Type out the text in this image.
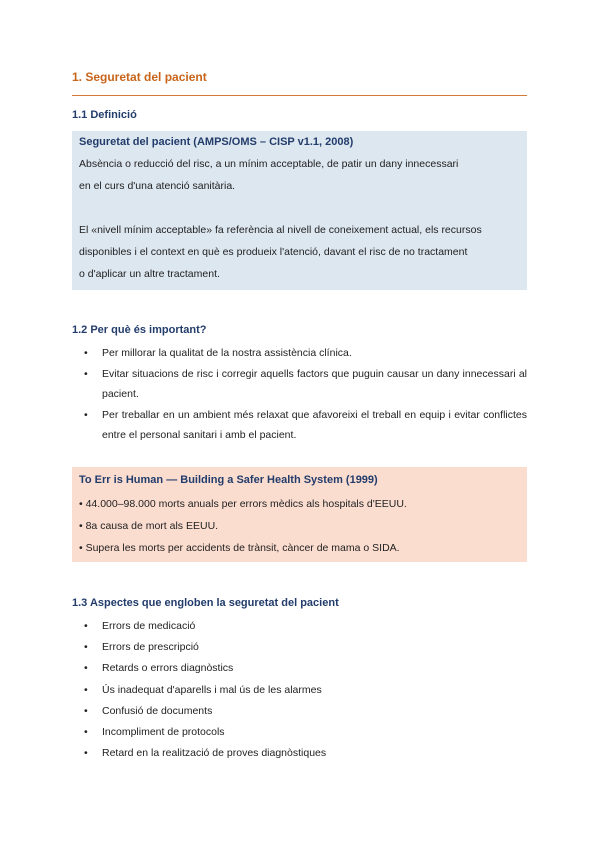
1. Seguretat del pacient
1.1 Definició
Seguretat del pacient (AMPS/OMS – CISP v1.1, 2008)
Absència o reducció del risc, a un mínim acceptable, de patir un dany innecessari
en el curs d'una atenció sanitària.
El «nivell mínim acceptable» fa referència al nivell de coneixement actual, els recursos
disponibles i el context en què es produeix l'atenció, davant el risc de no tractament
o d'aplicar un altre tractament.
1.2 Per què és important?
•	Per millorar la qualitat de la nostra assistència clínica.
•	Evitar situacions de risc i corregir aquells factors que puguin causar un dany innecessari al pacient.
•	Per treballar en un ambient més relaxat que afavoreixi el treball en equip i evitar conflictes entre el personal sanitari i amb el pacient.
To Err is Human — Building a Safer Health System (1999)
• 44.000–98.000 morts anuals per errors mèdics als hospitals d'EEUU.
• 8a causa de mort als EEUU.
• Supera les morts per accidents de trànsit, càncer de mama o SIDA.
1.3 Aspectes que engloben la seguretat del pacient
•	Errors de medicació
•	Errors de prescripció
•	Retards o errors diagnòstics
•	Ús inadequat d'aparells i mal ús de les alarmes
•	Confusió de documents
•	Incompliment de protocols
•	Retard en la realització de proves diagnòstiques
